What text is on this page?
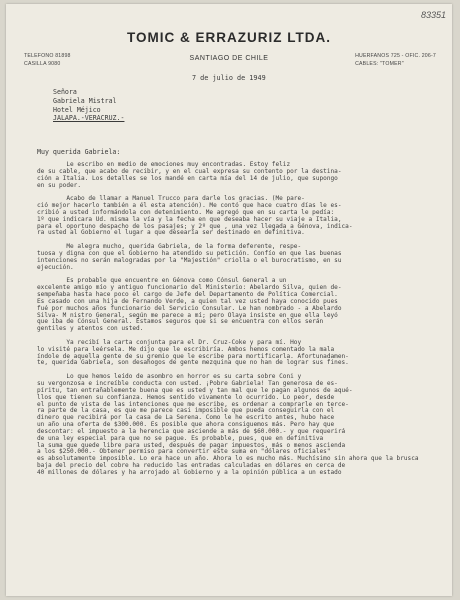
83351
TOMIC & ERRAZURIZ LTDA.
TELEFONO 81898
CASILLA 9080
SANTIAGO DE CHILE	HUERFANOS 725 - OFIC. 206-7
CABLES: "TOMER"
7 de julio de 1949
Señora
Gabriela Mistral
Hotel Méjico
JALAPA.-VERACRUZ.-
Muy querida Gabriela:
Le escribo en medio de emociones muy encontradas. Estoy feliz
de su cable, que acabo de recibir, y en el cual expresa su contento por la destina-
ción a Italia. Los detalles se los mandé en carta mía del 14 de julio, que supongo
en su poder.
Acabo de llamar a Manuel Trucco para darle los gracias. (Me pare-
ció mejor hacerlo también a él esta atención). Me contó que hace cuatro días le es-
cribió a usted informándola con detenimiento. Me agregó que en su carta le pedía:
1º que indicara Ud. misma la vía y la fecha en que deseaba hacer su viaje a Italia,
para el oportuno despacho de los pasajes; y 2º que , una vez llegada a Génova, indica-
ra usted al Gobierno el lugar a que desearía ser destinado en definitiva.
Me alegra mucho, querida Gabriela, de la forma deferente, respe-
tuosa y digna con que el Gobierno ha atendido su petición. Confío en que las buenas
intenciones no serán malogradas por la "Majestión" criolla o el burocratismo, en su
ejecución.
Es probable que encuentre en Génova como Cónsul General a un
excelente amigo mío y antiguo funcionario del Ministerio: Abelardo Silva, quien de-
sempeñaba hasta hace poco el cargo de Jefe del Departamento de Política Comercial.
Es casado con una hija de Fernando Verde, a quien tal vez usted haya conocido pues
fué por muchos años funcionario del Servicio Consular. Le han nombrado - a Abelardo
Silva- M nistro General, según me parece a mí; pero Olaya insiste en que ella leyó
que iba de Cónsul General. Estamos seguros que si se encuentra con ellos serán
gentiles y atentos con usted.
Ya recibí la carta conjunta para el Dr. Cruz-Coke y para mí. Hoy
lo visité para leérsela. Me dijo que le escribiría. Ambos hemos comentado la mala
índole de aquella gente de su gremio que le escribe para mortificarla. Afortunadamen-
te, querida Gabriela, son desahogos de gente mezquina que no han de lograr sus fines.
Lo que hemos leído de asombro en horror es su carta sobre Coni y
su vergonzosa e increíble conducta con usted. ¡Pobre Gabriela! Tan generosa de es-
píritu, tan entrañablemente buena que es usted y tan mal que le pagan algunos de aqué-
llos que tienen su confianza. Hemos sentido vivamente lo ocurrido. Lo peor, desde
el punto de vista de las intenciones que me escribe, es ordenar a comprarle en terce-
ra parte de la casa, es que me parece casi imposible que pueda conseguirla con el
dinero que recibirá por la casa de La Serena. Como le he escrito antes, hubo hace
un año una oferta de $300.000. Es posible que ahora consiguemos más. Pero hay que
descontar: el impuesto a la herencia que asciende a más de $60.000.- y que requerirá
de una ley especial para que no se pague. Es probable, pues, que en definitiva
la suma que quede libre para usted, después de pagar impuestos, más o menos ascienda
a los $250.000.- Obtener permiso para convertir este suma en "dólares oficiales"
es absolutamente imposible. Lo era hace un año. Ahora lo es mucho más. Muchísimo sin ahora que la brusca
baja del precio del cobre ha reducido las entradas calculadas en dólares en cerca de
40 millones de dólares y ha arrojado al Gobierno y a la opinión pública a un estado
